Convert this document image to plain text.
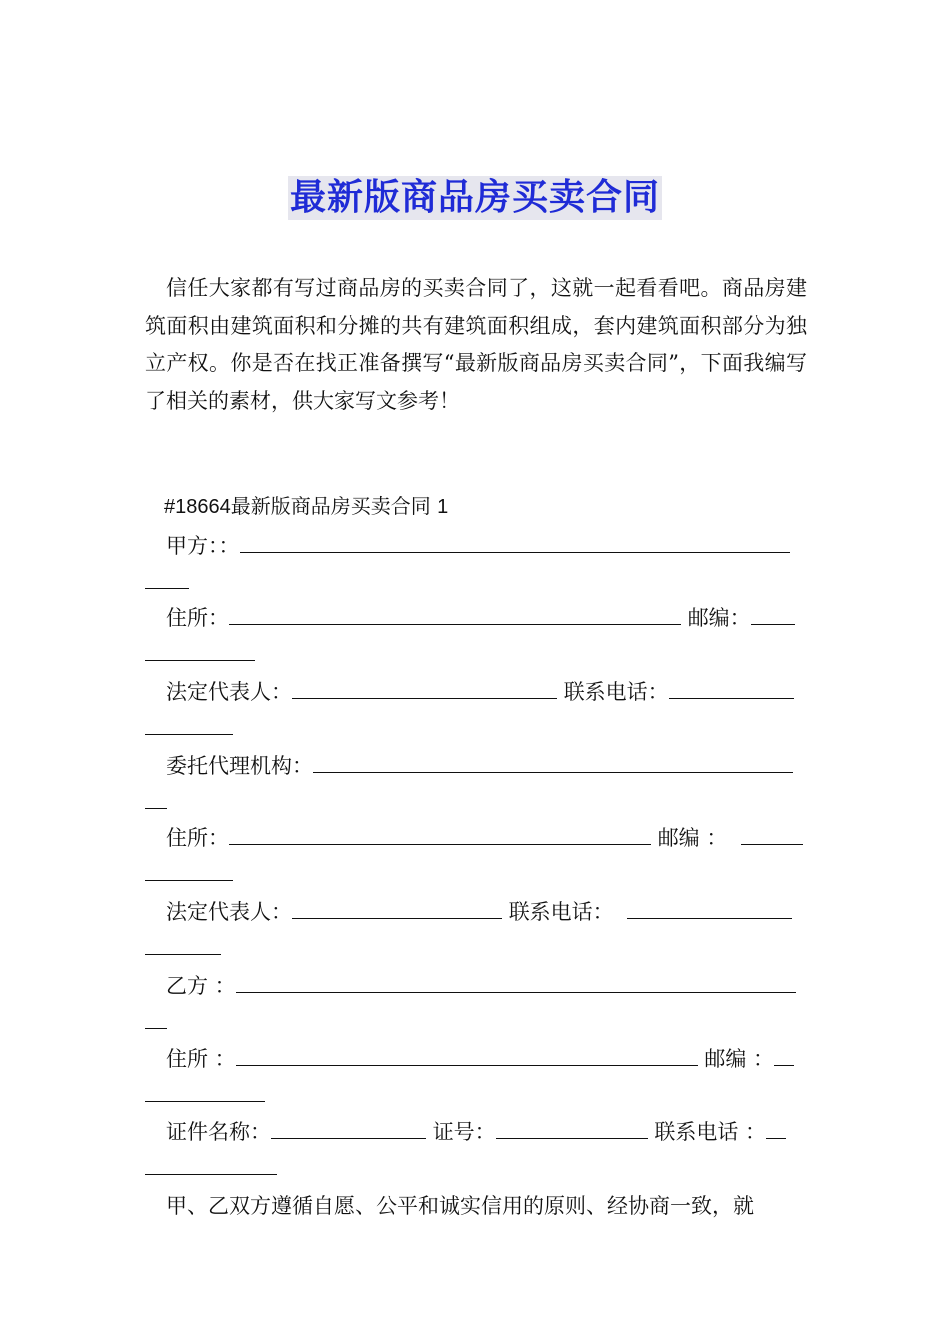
最新版商品房买卖合同

信任大家都有写过商品房的买卖合同了，这就一起看看吧。商品房建筑面积由建筑面积和分摊的共有建筑面积组成，套内建筑面积部分为独立产权。你是否在找正准备撰写“最新版商品房买卖合同”，下面我编写了相关的素材，供大家写文参考！

#18664最新版商品房买卖合同 1
甲方：：
住所：	邮编：
法定代表人：	联系电话：
委托代理机构：
住所：	邮编 ：
法定代表人：	联系电话：
乙方 ：
住所 ：	邮编 ：
证件名称：	证号：	联系电话 ：

甲、乙双方遵循自愿、公平和诚实信用的原则、经协商一致，就
